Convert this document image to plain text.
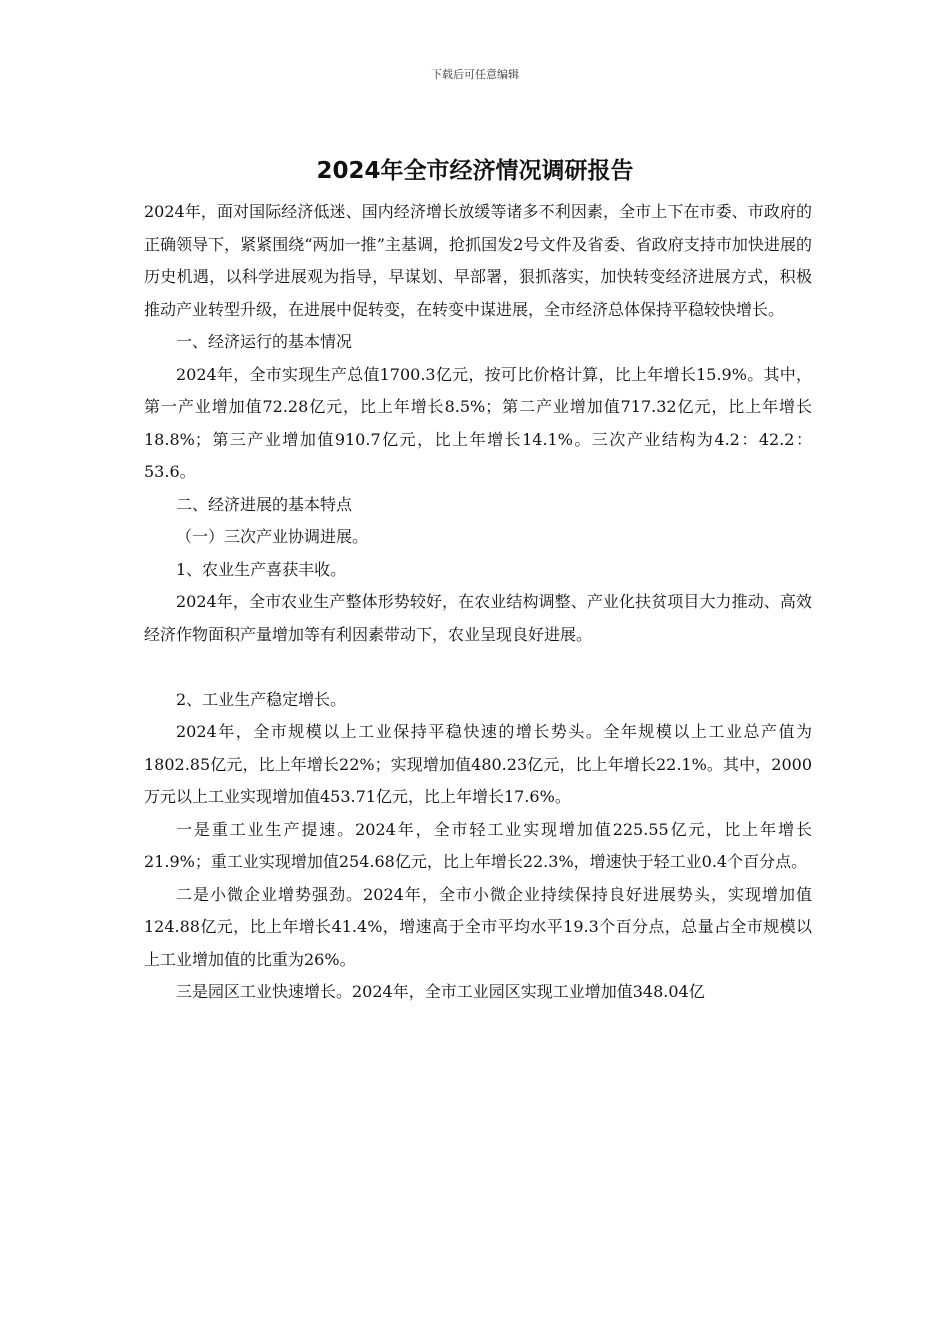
下载后可任意编辑
2024年全市经济情况调研报告

2024年，面对国际经济低迷、国内经济增长放缓等诸多不利因素，全市上下在市委、市政府的正确领导下，紧紧围绕“两加一推”主基调，抢抓国发2号文件及省委、省政府支持市加快进展的历史机遇，以科学进展观为指导，早谋划、早部署，狠抓落实，加快转变经济进展方式，积极推动产业转型升级，在进展中促转变，在转变中谋进展，全市经济总体保持平稳较快增长。

一、经济运行的基本情况

2024年，全市实现生产总值1700.3亿元，按可比价格计算，比上年增长15.9%。其中，第一产业增加值72.28亿元，比上年增长8.5%；第二产业增加值717.32亿元，比上年增长18.8%；第三产业增加值910.7亿元，比上年增长14.1%。三次产业结构为4.2：42.2：53.6。

二、经济进展的基本特点

（一）三次产业协调进展。

1、农业生产喜获丰收。

2024年，全市农业生产整体形势较好，在农业结构调整、产业化扶贫项目大力推动、高效经济作物面积产量增加等有利因素带动下，农业呈现良好进展。

2、工业生产稳定增长。

2024年，全市规模以上工业保持平稳快速的增长势头。全年规模以上工业总产值为1802.85亿元，比上年增长22%；实现增加值480.23亿元，比上年增长22.1%。其中，2000万元以上工业实现增加值453.71亿元，比上年增长17.6%。

一是重工业生产提速。2024年，全市轻工业实现增加值225.55亿元，比上年增长21.9%；重工业实现增加值254.68亿元，比上年增长22.3%，增速快于轻工业0.4个百分点。

二是小微企业增势强劲。2024年，全市小微企业持续保持良好进展势头，实现增加值124.88亿元，比上年增长41.4%，增速高于全市平均水平19.3个百分点，总量占全市规模以上工业增加值的比重为26%。

三是园区工业快速增长。2024年，全市工业园区实现工业增加值348.04亿
